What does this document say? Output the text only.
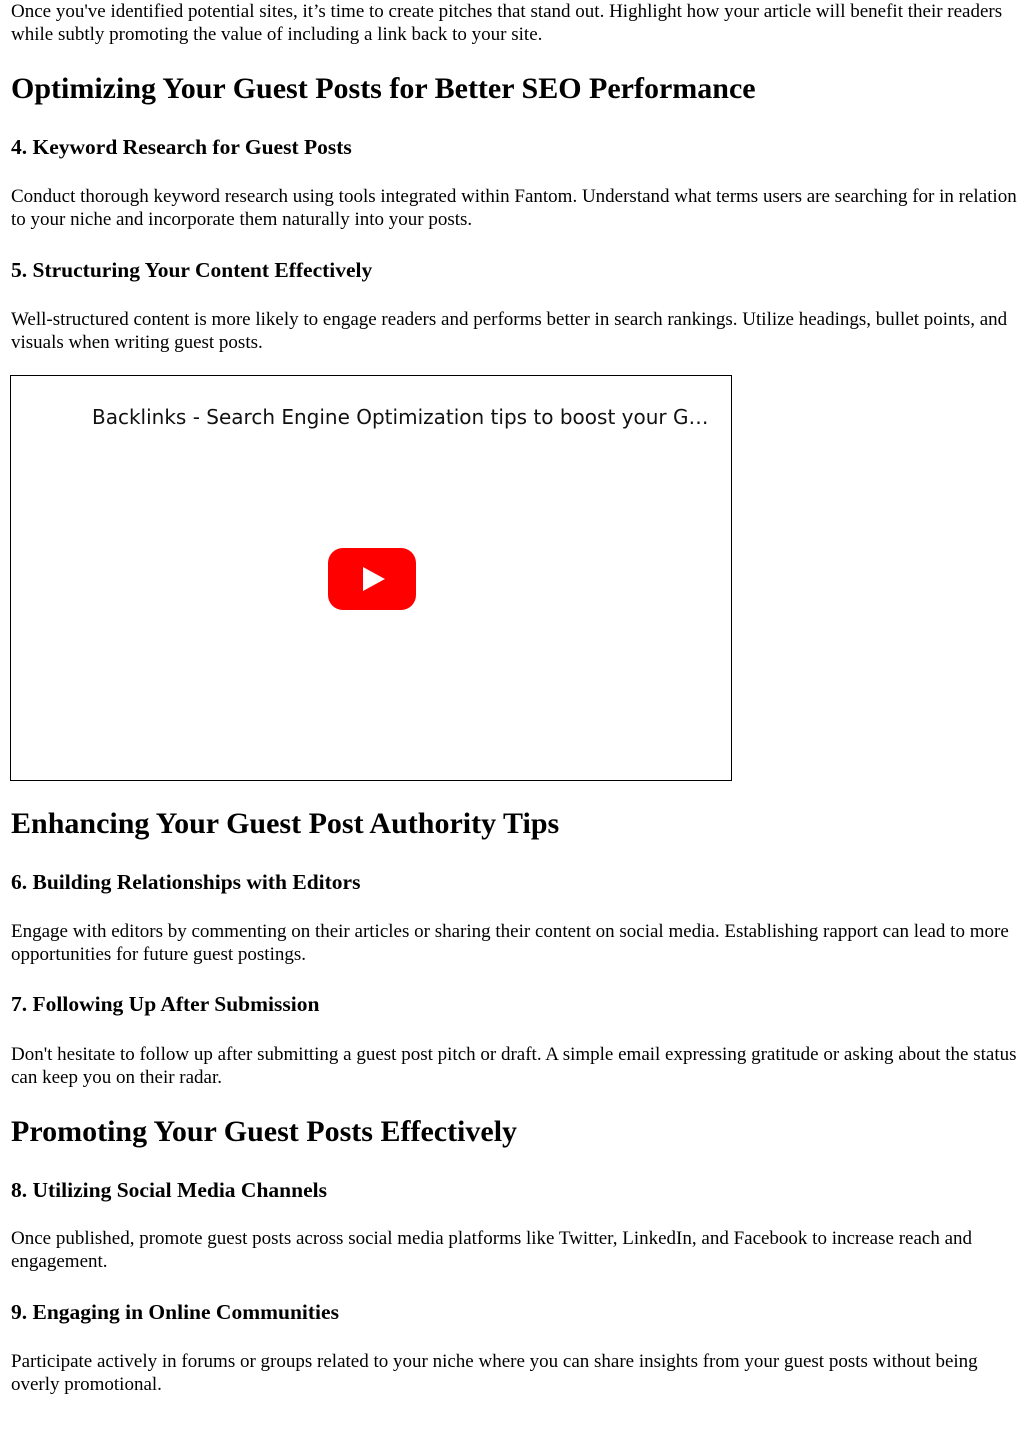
Once you've identified potential sites, it’s time to create pitches that stand out. Highlight how your article will benefit their readers while subtly promoting the value of including a link back to your site.

Optimizing Your Guest Posts for Better SEO Performance
4. Keyword Research for Guest Posts

Conduct thorough keyword research using tools integrated within Fantom. Understand what terms users are searching for in relation to your niche and incorporate them naturally into your posts.

5. Structuring Your Content Effectively

Well-structured content is more likely to engage readers and performs better in search rankings. Utilize headings, bullet points, and visuals when writing guest posts.

Backlinks - Search Engine Optimization tips to boost your G…
Enhancing Your Guest Post Authority Tips
6. Building Relationships with Editors

Engage with editors by commenting on their articles or sharing their content on social media. Establishing rapport can lead to more opportunities for future guest postings.

7. Following Up After Submission

Don't hesitate to follow up after submitting a guest post pitch or draft. A simple email expressing gratitude or asking about the status can keep you on their radar.

Promoting Your Guest Posts Effectively
8. Utilizing Social Media Channels

Once published, promote guest posts across social media platforms like Twitter, LinkedIn, and Facebook to increase reach and engagement.

9. Engaging in Online Communities

Participate actively in forums or groups related to your niche where you can share insights from your guest posts without being overly promotional.
